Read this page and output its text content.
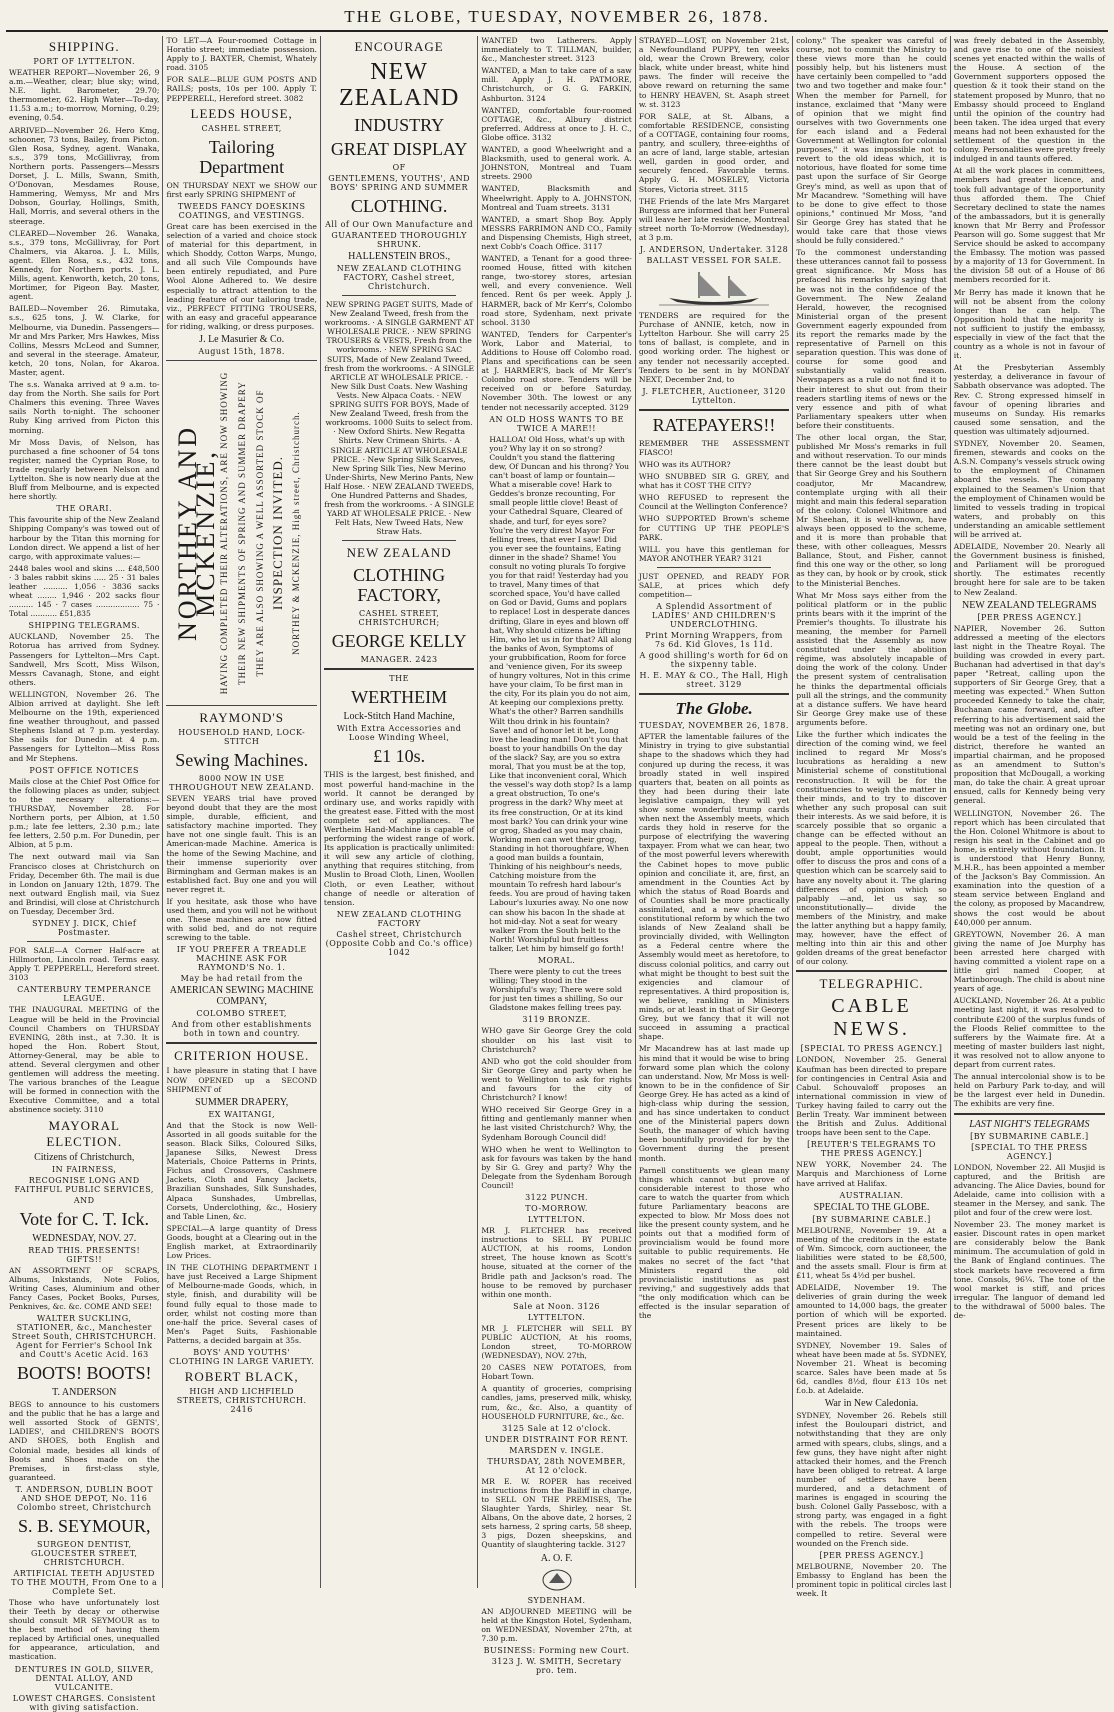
THE GLOBE, TUESDAY, NOVEMBER 26, 1878.
SHIPPING.
PORT OF LYTTELTON.

WEATHER REPORT—November 26, 9 a.m.—Weather, clear; blue sky; wind, N.E. light. Barometer, 29.70; thermometer, 62. High Water—To-day, 11.53 a.m.; to-morrow, Morning, 0.29; evening, 0.54.

ARRIVED—November 26. Hero Kmg, schooner, 73 tons, Bailey, from Picton. Glen Rosa, Sydney, agent. Wanaka, s.s., 379 tons, McGillivray, from Northern ports. Passengers—Messrs Dorset, J. L. Mills, Swann, Smith, O'Donovan, Mesdames Rouse, Hammering, Wemyss, Mr and Mrs Dobson, Gourlay, Hollings, Smith, Hall, Morris, and several others in the steerage.

CLEARED—November 26. Wanaka, s.s., 379 tons, McGillivray, for Port Chalmers, via Akaroa. J. L. Mills, agent. Ellen Rosa, s.s., 432 tons, Kennedy, for Northern ports. J. L. Mills, agent. Kenworth, ketch, 20 tons, Mortimer, for Pigeon Bay. Master, agent.

BAILED—November 26. Rimutaka, s.s., 625 tons, J. W. Clarke, for Melbourne, via Dunedin. Passengers—Mr and Mrs Parker, Mrs Hawkes, Miss Collins, Messrs McLeod and Sumner, and several in the steerage. Amateur, ketch, 20 tons, Nolan, for Akaroa. Master, agent.

The s.s. Wanaka arrived at 9 a.m. to-day from the North. She sails for Port Chalmers this evening. Three Waves sails North to-night. The schooner Ruby King arrived from Picton this morning.

Mr Moss Davis, of Nelson, has purchased a fine schooner of 54 tons register, named the Cyprian Rose, to trade regularly between Nelson and Lyttelton. She is now nearly due at the Bluff from Melbourne, and is expected here shortly.

THE ORARI.

This favourite ship of the New Zealand Shipping Company's was towed out of harbour by the Titan this morning for London direct. We append a list of her cargo, with approximate values:—

2448 bales wool and skins .... £48,500 · 3 bales rabbit skins ..... 25 · 31 bales leather .......... 1,056 · 3836 sacks wheat ........ 1,946 · 202 sacks flour .......... 145 · 7 cases .................. 75 · Total ........... £51,835

SHIPPING TELEGRAMS.

AUCKLAND, November 25. The Rotorua has arrived from Sydney. Passengers for Lyttelton—Mrs Capt. Sandwell, Mrs Scott, Miss Wilson, Messrs Cavanagh, Stone, and eight others.

WELLINGTON, November 26. The Albion arrived at daylight. She left Melbourne on the 19th, experienced fine weather throughout, and passed Stephens Island at 7 p.m. yesterday. She sails for Dunedin at 4 p.m. Passengers for Lyttelton—Miss Ross and Mr Stephens.

POST OFFICE NOTICES

Mails close at the Chief Post Office for the following places as under, subject to the necessary alterations:— THURSDAY, November 28. For Northern ports, per Albion, at 1.50 p.m.; late fee letters, 2.30 p.m.; late fee letters, 2.50 p.m. For Dunedin, per Albion, at 5 p.m.

The next outward mail via San Francisco closes at Christchurch on Friday, December 6th. The mail is due in London on January 12th, 1879. The next outward English mail, via Suez and Brindisi, will close at Christchurch on Tuesday, December 3rd.

SYDNEY J. DICK, Chief Postmaster.

FOR SALE—A Corner Half-acre at Hillmorton, Lincoln road. Terms easy. Apply T. PEPPERELL, Hereford street. 3103

CANTERBURY TEMPERANCE LEAGUE.

THE INAUGURAL MEETING of the League will be held in the Provincial Council Chambers on THURSDAY EVENING, 28th inst., at 7.30. It is hoped the Hon. Robert Stout, Attorney-General, may be able to attend. Several clergymen and other gentlemen will address the meeting. The various branches of the League will be formed in connection with the Executive Committee, and a total abstinence society. 3110

MAYORAL ELECTION.
Citizens of Christchurch,
IN FAIRNESS,
RECOGNISE LONG AND FAITHFUL PUBLIC SERVICES,
AND
Vote for C. T. Ick.
WEDNESDAY, NOV. 27.
READ THIS. PRESENTS! GIFTS!!

AN ASSORTMENT OF SCRAPS, Albums, Inkstands, Note Folios, Writing Cases, Aluminium and other Fancy Cases, Pocket Books, Purses, Penknives, &c. &c. COME AND SEE!

WALTER SUCKLING, STATIONER, &c., Manchester Street South, CHRISTCHURCH. Agent for Ferrier's School Ink and Coutt's Acetic Acid. 163
BOOTS! BOOTS!
T. ANDERSON

BEGS to announce to his customers and the public that he has a large and well assorted Stock of GENTS', LADIES', and CHILDREN'S BOOTS AND SHOES, both English and Colonial made, besides all kinds of Boots and Shoes made on the Premises, in first-class style, guaranteed.

T. ANDERSON, DUBLIN BOOT AND SHOE DEPOT, No. 116 Colombo street, Christchurch
S. B. SEYMOUR,
SURGEON DENTIST, GLOUCESTER STREET, CHRISTCHURCH.
ARTIFICIAL TEETH ADJUSTED TO THE MOUTH, From One to a Complete Set.

Those who have unfortunately lost their Teeth by decay or otherwise should consult MR SEYMOUR as to the best method of having them replaced by Artificial ones, unequalled for appearance, articulation, and mastication.

DENTURES IN GOLD, SILVER, DENTAL ALLOY, AND VULCANITE.
LOWEST CHARGES. Consistent with giving satisfaction.

TO LET—A Four-roomed Cottage in Horatio street; immediate possession. Apply to J. BAXTER, Chemist, Whately road. 3105

FOR SALE—BLUE GUM POSTS AND RAILS; posts, 10s per 100. Apply T. PEPPERELL, Hereford street. 3082

LEEDS HOUSE,
CASHEL STREET,
Tailoring Department

ON THURSDAY NEXT we SHOW our first early SPRING SHIPMENT of

TWEEDS FANCY DOESKINS COATINGS, and VESTINGS.

Great care has been exercised in the selection of a varied and choice stock of material for this department, in which Shoddy, Cotton Warps, Mungo, and all such Vile Compounds have been entirely repudiated, and Pure Wool Alone Adhered to. We desire especially to attract attention to the leading feature of our tailoring trade, viz., PERFECT FITTING TROUSERS, with an easy and graceful appearance for riding, walking, or dress purposes.

J. Le Masurier & Co.
August 15th, 1878.
NORTHEY AND MCKENZIE, HAVING COMPLETED THEIR ALTERATIONS, ARE NOW SHOWING THEIR NEW SHIPMENTS OF SPRING AND SUMMER DRAPERY THEY ARE ALSO SHOWING A WELL ASSORTED STOCK OF INSPECTION INVITED. NORTHEY & MCKENZIE, High street, Christchurch.
RAYMOND'S
HOUSEHOLD HAND, LOCK-STITCH
Sewing Machines.
8000 NOW IN USE THROUGHOUT NEW ZEALAND.

SEVEN YEARS trial have proved beyond doubt that they are the most simple, durable, efficient, and satisfactory machine imported. They have not one single fault. This is an American-made Machine. America is the home of the Sewing Machine, and their immense superiority over Birmingham and German makes is an established fact. Buy one and you will never regret it.

If you hesitate, ask those who have used them, and you will not be without one. These machines are now fitted with solid bed, and do not require screwing to the table.

IF YOU PREFER A TREADLE MACHINE ASK FOR RAYMOND'S No. 1.
May be had retail from the
AMERICAN SEWING MACHINE COMPANY,
COLOMBO STREET,
And from other establishments both in town and country.
CRITERION HOUSE.

I have pleasure in stating that I have NOW OPENED up a SECOND SHIPMENT of

SUMMER DRAPERY,
EX WAITANGI,

And that the Stock is now Well-Assorted in all goods suitable for the season. Black Silks, Coloured Silks, Japanese Silks, Newest Dress Materials, Choice Patterns in Prints, Fichus and Crossovers, Cashmere Jackets, Cloth and Fancy Jackets, Brazilian Sunshades, Silk Sunshades, Alpaca Sunshades, Umbrellas, Corsets, Underclothing, &c., Hosiery and Table Linen, &c.

SPECIAL—A large quantity of Dress Goods, bought at a Clearing out in the English market, at Extraordinarily Low Prices.

IN THE CLOTHING DEPARTMENT I have just Received a Large Shipment of Melbourne-made Goods, which, in style, finish, and durability will be found fully equal to those made to order, whilst not costing more than one-half the price. Several cases of Men's Paget Suits, Fashionable Patterns, a decided bargain at 35s.

BOYS' AND YOUTHS' CLOTHING IN LARGE VARIETY.
ROBERT BLACK,
HIGH AND LICHFIELD STREETS, CHRISTCHURCH. 2416
ENCOURAGE
NEW ZEALAND
INDUSTRY
GREAT DISPLAY
OF
GENTLEMENS, YOUTHS', AND BOYS' SPRING AND SUMMER
CLOTHING.
All of Our Own Manufacture and
GUARANTEED THOROUGHLY SHRUNK.
HALLENSTEIN BROS.,
NEW ZEALAND CLOTHING FACTORY, Cashel street, Christchurch.

NEW SPRING PAGET SUITS, Made of New Zealand Tweed, fresh from the workrooms. · A SINGLE GARMENT AT WHOLESALE PRICE. · NEW SPRING TROUSERS & VESTS, Fresh from the workrooms. · NEW SPRING SAC SUITS, Made of New Zealand Tweed, fresh from the workrooms. · A SINGLE ARTICLE AT WHOLESALE PRICE. · New Silk Dust Coats. New Washing Vests. New Alpaca Coats. · NEW SPRING SUITS FOR BOYS, Made of New Zealand Tweed, fresh from the workrooms. 1000 Suits to select from. · New Oxford Shirts. New Regatta Shirts. New Crimean Shirts. · A SINGLE ARTICLE AT WHOLESALE PRICE. · New Spring Silk Scarves, New Spring Silk Ties, New Merino Under-Shirts, New Merino Pants, New Half Hose. · NEW ZEALAND TWEEDS, One Hundred Patterns and Shades, fresh from the workrooms. · A SINGLE YARD AT WHOLESALE PRICE. · New Felt Hats, New Tweed Hats, New Straw Hats.

NEW ZEALAND
CLOTHING FACTORY,
CASHEL STREET, CHRISTCHURCH;
GEORGE KELLY
MANAGER. 2423
THE
WERTHEIM
Lock-Stitch Hand Machine,
With Extra Accessories and Loose Winding Wheel,
£1 10s.

THIS is the largest, best finished, and most powerful hand-machine in the world. It cannot be deranged by ordinary use, and works rapidly with the greatest ease. Fitted with the most complete set of appliances. The Wertheim Hand-Machine is capable of performing the widest range of work. Its application is practically unlimited: it will sew any article of clothing, anything that requires stitching, from Muslin to Broad Cloth, Linen, Woollen Cloth, or even Leather, without change of needle or alteration of tension.

NEW ZEALAND CLOTHING FACTORY
Cashel street, Christchurch (Opposite Cobb and Co.'s office) 1042

WANTED two Latherers. Apply immediately to T. TILLMAN, builder, &c., Manchester street. 3123

WANTED, a Man to take care of a saw mill. Apply J. H. PATMORE, Christchurch, or G. G. FARKIN, Ashburton. 3124

WANTED, comfortable four-roomed COTTAGE, &c., Albury district preferred. Address at once to J. H. C., Globe office. 3132

WANTED, a good Wheelwright and a Blacksmith, used to general work. A. JOHNSTON, Montreal and Tuam streets. 2900

WANTED, Blacksmith and Wheelwright. Apply to A. JOHNSTON, Montreal and Tuam streets. 3131

WANTED, a smart Shop Boy. Apply MESSRS FARRIMON AND CO., Family and Dispensing Chemists, High street, next Cobb's Coach Office. 3117

WANTED, a Tenant for a good three-roomed House, fitted with kitchen range, two-storey stores, artesian well, and every convenience. Well fenced. Rent 6s per week. Apply J. HARMER, back of Mr Kerr's, Colombo road store, Sydenham, next private school. 3130

WANTED, Tenders for Carpenter's Work, Labor and Material, to Additions to House off Colombo road. Plans and specifications can be seen at J. HARMER'S, back of Mr Kerr's Colombo road store. Tenders will be received on or before Saturday, November 30th. The lowest or any tender not necessarily accepted. 3129

AN OLD HOSS WANTS TO BE TWICE A MARE!!

HALLOA! Old Hoss, what's up with you? Why lay it on so strong? Couldn't you stand the flattering dew, Of Duncan and his throng? You can't boast of lamp or fountain— What a miserable cove! Hark to Geddes's bronze recounting, For small people little clove! Beast of your Cathedral Square, Cleared of shade, and turf, for eyes sore? You're the very direst Mayor For felling trees, that ever I saw! Did you ever see the fountains, Eating dinner in the shade? Shame! You consult no voting plurals To forgive you for that raid! Yesterday had you to travel, Many times of that scorched space, You'd have called on God or David, Gums and poplars to replace! Lost in desperate dances drifting, Glare in eyes and blown off hat, Why should citizens be lifting Him, who let us in for that? All along the banks of Avon, Symptoms of your grubbification, Room for force and 'venience given, For its sweep of hungry voltures, Not in this crime have your claim, To be first man in the city, For its plain you do not aim, At keeping our complexions pretty. What's the other? Barren sandhills Wilt thou drink in his fountain? Save! and of honor let it be, Long live the leading man! Don't you that boast to your handbills On the day of the slack? Say, are you so extra moral, That you must be at the top, Like that inconvenient coral, Which the vessel's way doth stop? Is a lamp a great obstruction, To one's progress in the dark? Why meet at its free construction, Or at its kind most bark? You can drink your wine or grog, Shaded as you may chain, Working men can wet their grog, Standing in hot thoroughfare, When a good man builds a fountain, Thinking of his neighbour's needs, Catching moisture from the mountain To refresh hard labour's feeds. You are proud of having taken Labour's luxuries away. No one now can show his bacon In the shade at hot mid-day. Not a seat for weary walker From the South belt to the North! Worshipful but fruitless talker, Let him by himself go forth!

MORAL.

There were plenty to cut the trees willing; They stood in the Worshipful's way; There were sold for just ten times a shilling, So our Gladstone makes felling trees pay.

3119 BRONZE.

WHO gave Sir George Grey the cold shoulder on his last visit to Christchurch?

AND who got the cold shoulder from Sir George Grey and party when he went to Wellington to ask for rights and favours for the city of Christchurch? I know!

WHO received Sir George Grey in a fitting and gentlemanly manner when he last visited Christchurch? Why, the Sydenham Borough Council did!

WHO when he went to Wellington to ask for favours was taken by the hand by Sir G. Grey and party? Why the Delegate from the Sydenham Borough Council!

3122 PUNCH.
TO-MORROW.
LYTTELTON.

MR J. FLETCHER has received instructions to SELL BY PUBLIC AUCTION, at his rooms, London street, The house known as Scott's house, situated at the corner of the Bridle path and Jackson's road. The house to be removed by purchaser within one month.

Sale at Noon. 3126
LYTTELTON.

MR J. FLETCHER will SELL BY PUBLIC AUCTION, At his rooms, London street, TO-MORROW (WEDNESDAY), NOV. 27th,

20 CASES NEW POTATOES, from Hobart Town.

A quantity of groceries, comprising candles, jams, preserved milk, whisky, rum, &c., &c. Also, a quantity of HOUSEHOLD FURNITURE, &c., &c.

3125 Sale at 12 o'clock.
UNDER DISTRAINT FOR RENT.
MARSDEN v. INGLE.
THURSDAY, 28th NOVEMBER, At 12 o'clock.

MR E. W. ROPER has received instructions from the Bailiff in charge, to SELL ON THE PREMISES, The Slaughter Yards, Shirley, near St. Albans, On the above date, 2 horses, 2 sets harness, 2 spring carts, 58 sheep, 3 pigs, Dozen sheepskins, and Quantity of slaughtering tackle. 3127

A. O. F.
SYDENHAM.

AN ADJOURNED MEETING will be held at the Kingston Hotel, Sydenham, on WEDNESDAY, November 27th, at 7.30 p.m.

BUSINESS: Forming new Court.
3123 J. W. SMITH, Secretary pro. tem.

STRAYED—LOST, on November 21st, a Newfoundland PUPPY, ten weeks old, wear the Crown Brewery, color black, white under breast, white hind paws. The finder will receive the above reward on returning the same to HENRY HEAVEN, St. Asaph street w. st. 3123

FOR SALE, at St. Albans, a comfortable RESIDENCE, consisting of a COTTAGE, containing four rooms, pantry, and scullery, three-eighths of an acre of land, large stable, artesian well, garden in good order, and securely fenced. Favorable terms. Apply G. H. MOSELEY, Victoria Stores, Victoria street. 3115

THE Friends of the late Mrs Margaret Burgess are informed that her Funeral will leave her late residence, Montreal street north To-Morrow (Wednesday), at 3 p.m.

J. ANDERSON, Undertaker. 3128
BALLAST VESSEL FOR SALE.

TENDERS are required for the Purchase of ANNIE, ketch, now in Lyttelton Harbour. She will carry 25 tons of ballast, is complete, and in good working order. The highest or any tender not necessarily accepted. Tenders to be sent in by MONDAY NEXT, December 2nd, to

J. FLETCHER, Auctioneer, 3120 Lyttelton.
RATEPAYERS!!

REMEMBER THE ASSESSMENT FIASCO!

WHO was its AUTHOR?

WHO SNUBBED SIR G. GREY, and what has it COST THE CITY?

WHO REFUSED to represent the Council at the Wellington Conference?

WHO SUPPORTED Brown's scheme for CUTTING UP THE PEOPLE'S PARK.

WILL you have this gentleman for MAYOR ANOTHER YEAR? 3121

JUST OPENED, and READY FOR SALE, at prices which defy competition—

A Splendid Assortment of LADIES' AND CHILDREN'S UNDERCLOTHING.
Print Morning Wrappers, from 7s 6d. Kid Gloves, 1s 11d.
A good shilling's worth for 6d on the sixpenny table.
H. E. MAY & CO., The Hall, High street. 3129
The Globe.
TUESDAY, NOVEMBER 26, 1878.

AFTER the lamentable failures of the Ministry in trying to give substantial shape to the shadows which they had conjured up during the recess, it was broadly stated in well inspired quarters that, beaten on all points as they had been during their late legislative campaign, they will yet show some wonderful trump cards when next the Assembly meets, which cards they hold in reserve for the purpose of electrifying the wavering taxpayer. From what we can hear, two of the most powerful levers wherewith the Cabinet hopes to move public opinion and conciliate it, are, first, an amendment in the Counties Act by which the status of Road Boards and of Counties shall be more practically assimilated, and a new scheme of constitutional reform by which the two islands of New Zealand shall be provincially divided, with Wellington as a Federal centre where the Assembly would meet as heretofore, to discuss colonial politics, and carry out what might be thought to best suit the exigencies and clamour of representatives. A third proposition is, we believe, rankling in Ministers minds, or at least in that of Sir George Grey, but we fancy that it will not succeed in assuming a practical shape.

Mr Macandrew has at last made up his mind that it would be wise to bring forward some plan which the colony can understand. Now, Mr Moss is well-known to be in the confidence of Sir George Grey. He has acted as a kind of high-class whip during the session, and has since undertaken to conduct one of the Ministerial papers down South, the manager of which having been bountifully provided for by the Government during the present month.

Parnell constituents we glean many things which cannot but prove of considerable interest to those who care to watch the quarter from which future Parliamentary beacons are expected to blow. Mr Moss does not like the present county system, and he points out that a modified form of provincialism would be found more suitable to public requirements. He makes no secret of the fact "that Ministers regard the old provincialistic institutions as past reviving," and suggestively adds that "the only modification which can be effected is the insular separation of the

colony." The speaker was careful of course, not to commit the Ministry to these views more than he could possibly help, but his listeners must have certainly been compelled to "add two and two together and make four." When the member for Parnell, for instance, exclaimed that "Many were of opinion that we might find ourselves with two Governments one for each island and a Federal Government at Wellington for colonial purposes," it was impossible not to revert to the old ideas which, it is notorious, have floated for some time past upon the surface of Sir George Grey's mind, as well as upon that of Mr Macandrew. "Something will have to be done to give effect to those opinions," continued Mr Moss, "and Sir George Grey has stated that he would take care that those views should be fully considered."

To the commonest understanding these utterances cannot fail to possess great significance. Mr Moss has prefaced his remarks by saying that he was not in the confidence of the Government. The New Zealand Herald, however, the recognised Ministerial organ of the present Government eagerly expounded from its report the remarks made by the representative of Parnell on this separation question. This was done of course for some good and substantially valid reason. Newspapers as a rule do not find it to their interest to shut out from their readers startling items of news or the very essence and pith of what Parliamentary speakers utter when before their constituents.

The other local organ, the Star, published Mr Moss's remarks in full and without reservation. To our minds there cannot be the least doubt but that Sir George Grey and his Southern coadjutor, Mr Macandrew, contemplate urging with all their might and main this federal separation of the colony. Colonel Whitmore and Mr Sheehan, it is well-known, have always been opposed to the scheme, and it is more than probable that these, with other colleagues, Messrs Ballance, Stout, and Fisher, cannot find this one way or the other, so long as they can, by hook or by crook, stick to the Ministerial Benches.

What Mr Moss says either from the political platform or in the public prints bears with it the imprint of the Premier's thoughts. To illustrate his meaning, the member for Parnell assisted that the Assembly as now constituted under the abolition régime, was absolutely incapable of doing the work of the colony. Under the present system of centralisation he thinks the departmental officials pull all the strings, and the community at a distance suffers. We have heard Sir George Grey make use of these arguments before.

Like the further which indicates the direction of the coming wind, we feel inclined to regard Mr Moss's lucubrations as heralding a new Ministerial scheme of constitutional reconstruction. It will be for the constituencies to weigh the matter in their minds, and to try to discover whether any such proposal can suit their interests. As we said before, it is scarcely possible that so organic a change can be effected without an appeal to the people. Then, without a doubt, ample opportunities would offer to discuss the pros and cons of a question which can be scarcely said to have any novelty about it. The glaring differences of opinion which so palpably —and, let us say, so unconstitutionally— divide the members of the Ministry, and make the latter anything but a happy family, may, however, have the effect of melting into thin air this and other golden dreams of the great benefactor of our colony.

TELEGRAPHIC.
CABLE NEWS.
[SPECIAL TO PRESS AGENCY.]

LONDON, November 25. General Kaufman has been directed to prepare for contingencies in Central Asia and Cabul. Schouvaloff proposes an international commission in view of Turkey having failed to carry out the Berlin Treaty. War imminent between the British and Zulus. Additional troops have been sent to the Cape.

[REUTER'S TELEGRAMS TO THE PRESS AGENCY.]

NEW YORK, November 24. The Marquis and Marchioness of Lorne have arrived at Halifax.

AUSTRALIAN.
SPECIAL TO THE GLOBE.
[BY SUBMARINE CABLE.]

MELBOURNE, November 19. At a meeting of the creditors in the estate of Wm. Simcock, corn auctioneer, the liabilities were stated to be £8,500, and the assets small. Flour is firm at £11, wheat 5s 4½d per bushel.

ADELAIDE, November 19. The deliveries of grain during the week amounted to 14,000 bags, the greater portion of which will be exported. Present prices are likely to be maintained.

SYDNEY, November 19. Sales of wheat have been made at 5s. SYDNEY, November 21. Wheat is becoming scarce. Sales have been made at 5s 6d, candles 8½d, flour £13 10s net f.o.b. at Adelaide.

War in New Caledonia.

SYDNEY, November 26. Rebels still infest the Bouloupari district, and notwithstanding that they are only armed with spears, clubs, slings, and a few guns, they have night after night attacked their homes, and the French have been obliged to retreat. A large number of settlers have been murdered, and a detachment of marines is engaged in scouring the bush. Colonel Gally Passebosc, with a strong party, was engaged in a fight with the rebels. The troops were compelled to retire. Several were wounded on the French side.

[PER PRESS AGENCY.]

MELBOURNE, November 20. The Embassy to England has been the prominent topic in political circles last week. It

was freely debated in the Assembly, and gave rise to one of the noisiest scenes yet enacted within the walls of the House. A section of the Government supporters opposed the question & it took their stand on the statement proposed by Munro, that no Embassy should proceed to England until the opinion of the country had been taken. The idea urged that every means had not been exhausted for the settlement of the question in the colony. Personalities were pretty freely indulged in and taunts offered.

At all the work places in committees, members had greater licence, and took full advantage of the opportunity thus afforded them. The Chief Secretary declined to state the names of the ambassadors, but it is generally known that Mr Berry and Professor Pearson will go. Some suggest that Mr Service should be asked to accompany the Embassy. The motion was passed by a majority of 13 for Government. In the division 58 out of a House of 86 members recorded for it.

Mr Berry has made it known that he will not be absent from the colony longer than he can help. The Opposition hold that the majority is not sufficient to justify the embassy, especially in view of the fact that the country as a whole is not in favour of it.

At the Presbyterian Assembly yesterday, a deliverance in favour of Sabbath observance was adopted. The Rev. C. Strong expressed himself in favour of opening libraries and museums on Sunday. His remarks caused some sensation, and the question was ultimately adjourned.

SYDNEY, November 20. Seamen, firemen, stewards and cooks on the A.S.N. Company's vessels struck owing to the employment of Chinamen aboard the vessels. The company explained to the Seamen's Union that the employment of Chinamen would be limited to vessels trading in tropical waters, and probably on this understanding an amicable settlement will be arrived at.

ADELAIDE, November 20. Nearly all the Government business is finished, and Parliament will be prorogued shortly. The estimates recently brought here for sale are to be taken to New Zealand.

NEW ZEALAND TELEGRAMS
[PER PRESS AGENCY.]

NAPIER, November 26. Sutton addressed a meeting of the electors last night in the Theatre Royal. The building was crowded in every part. Buchanan had advertised in that day's paper "Retreat, calling upon the supporters of Sir George Grey, that a meeting was expected." When Sutton proceeded Kennedy to take the chair, Buchanan came forward, and, after referring to his advertisement said the meeting was not an ordinary one, but would be a test of the feeling in the district, therefore he wanted an impartial chairman, and he proposed as an amendment to Sutton's proposition that McDougall, a working man, do take the chair. A great uproar ensued, calls for Kennedy being very general.

WELLINGTON, November 26. The report which has been circulated that the Hon. Colonel Whitmore is about to resign his seat in the Cabinet and go home, is entirely without foundation. It is understood that Henry Bunny, M.H.R., has been appointed a member of the Jackson's Bay Commission. An examination into the question of a steam service between England and the colony, as proposed by Macandrew, shows the cost would be about £40,000 per annum.

GREYTOWN, November 26. A man giving the name of Joe Murphy has been arrested here charged with having committed a violent rape on a little girl named Cooper, at Martinborough. The child is about nine years of age.

AUCKLAND, November 26. At a public meeting last night, it was resolved to contribute £200 of the surplus funds of the Floods Relief committee to the sufferers by the Waimate fire. At a meeting of master builders last night, it was resolved not to allow anyone to depart from current rates.

The annual intercolonial show is to be held on Parbury Park to-day, and will be the largest ever held in Dunedin. The exhibits are very fine.

LAST NIGHT'S TELEGRAMS
[BY SUBMARINE CABLE.]
[SPECIAL TO THE PRESS AGENCY.]

LONDON, November 22. All Musjid is captured, and the British are advancing. The Alice Davies, bound for Adelaide, came into collision with a steamer in the Mersey, and sank. The pilot and four of the crew were lost.

November 23. The money market is easier. Discount rates in open market are considerably below the Bank minimum. The accumulation of gold in the Bank of England continues. The stock markets have recovered a firm tone. Consols, 96¼. The tone of the wool market is stiff, and prices irregular. The languor of demand led to the withdrawal of 5000 bales. The de-
